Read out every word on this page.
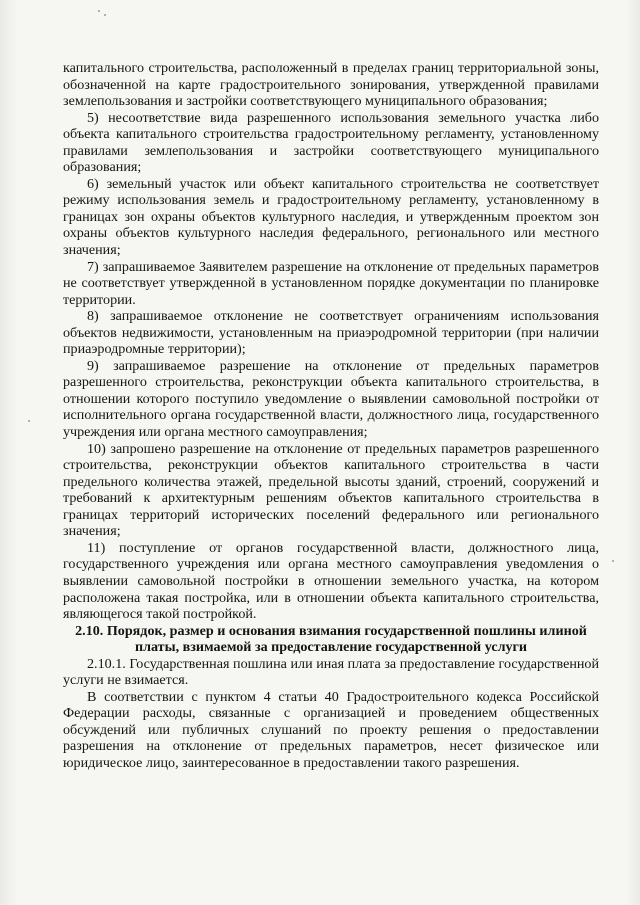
капитального строительства, расположенный в пределах границ территориальной зоны, обозначенной на карте градостроительного зонирования, утвержденной правилами землепользования и застройки соответствующего муниципального образования;

5) несоответствие вида разрешенного использования земельного участка либо объекта капитального строительства градостроительному регламенту, установленному правилами землепользования и застройки соответствующего муниципального образования;

6) земельный участок или объект капитального строительства не соответствует режиму использования земель и градостроительному регламенту, установленному в границах зон охраны объектов культурного наследия, и утвержденным проектом зон охраны объектов культурного наследия федерального, регионального или местного значения;

7) запрашиваемое Заявителем разрешение на отклонение от предельных параметров не соответствует утвержденной в установленном порядке документации по планировке территории.

8) запрашиваемое отклонение не соответствует ограничениям использования объектов недвижимости, установленным на приаэродромной территории (при наличии приаэродромные территории);

9) запрашиваемое разрешение на отклонение от предельных параметров разрешенного строительства, реконструкции объекта капитального строительства, в отношении которого поступило уведомление о выявлении самовольной постройки от исполнительного органа государственной власти, должностного лица, государственного учреждения или органа местного самоуправления;

10) запрошено разрешение на отклонение от предельных параметров разрешенного строительства, реконструкции объектов капитального строительства в части предельного количества этажей, предельной высоты зданий, строений, сооружений и требований к архитектурным решениям объектов капитального строительства в границах территорий исторических поселений федерального или регионального значения;

11) поступление от органов государственной власти, должностного лица, государственного учреждения или органа местного самоуправления уведомления о выявлении самовольной постройки в отношении земельного участка, на котором расположена такая постройка, или в отношении объекта капитального строительства, являющегося такой постройкой.

2.10. Порядок, размер и основания взимания государственной пошлины илиной платы, взимаемой за предоставление государственной услуги

2.10.1. Государственная пошлина или иная плата за предоставление государственной услуги не взимается.

В соответствии с пунктом 4 статьи 40 Градостроительного кодекса Российской Федерации расходы, связанные с организацией и проведением общественных обсуждений или публичных слушаний по проекту решения о предоставлении разрешения на отклонение от предельных параметров, несет физическое или юридическое лицо, заинтересованное в предоставлении такого разрешения.
